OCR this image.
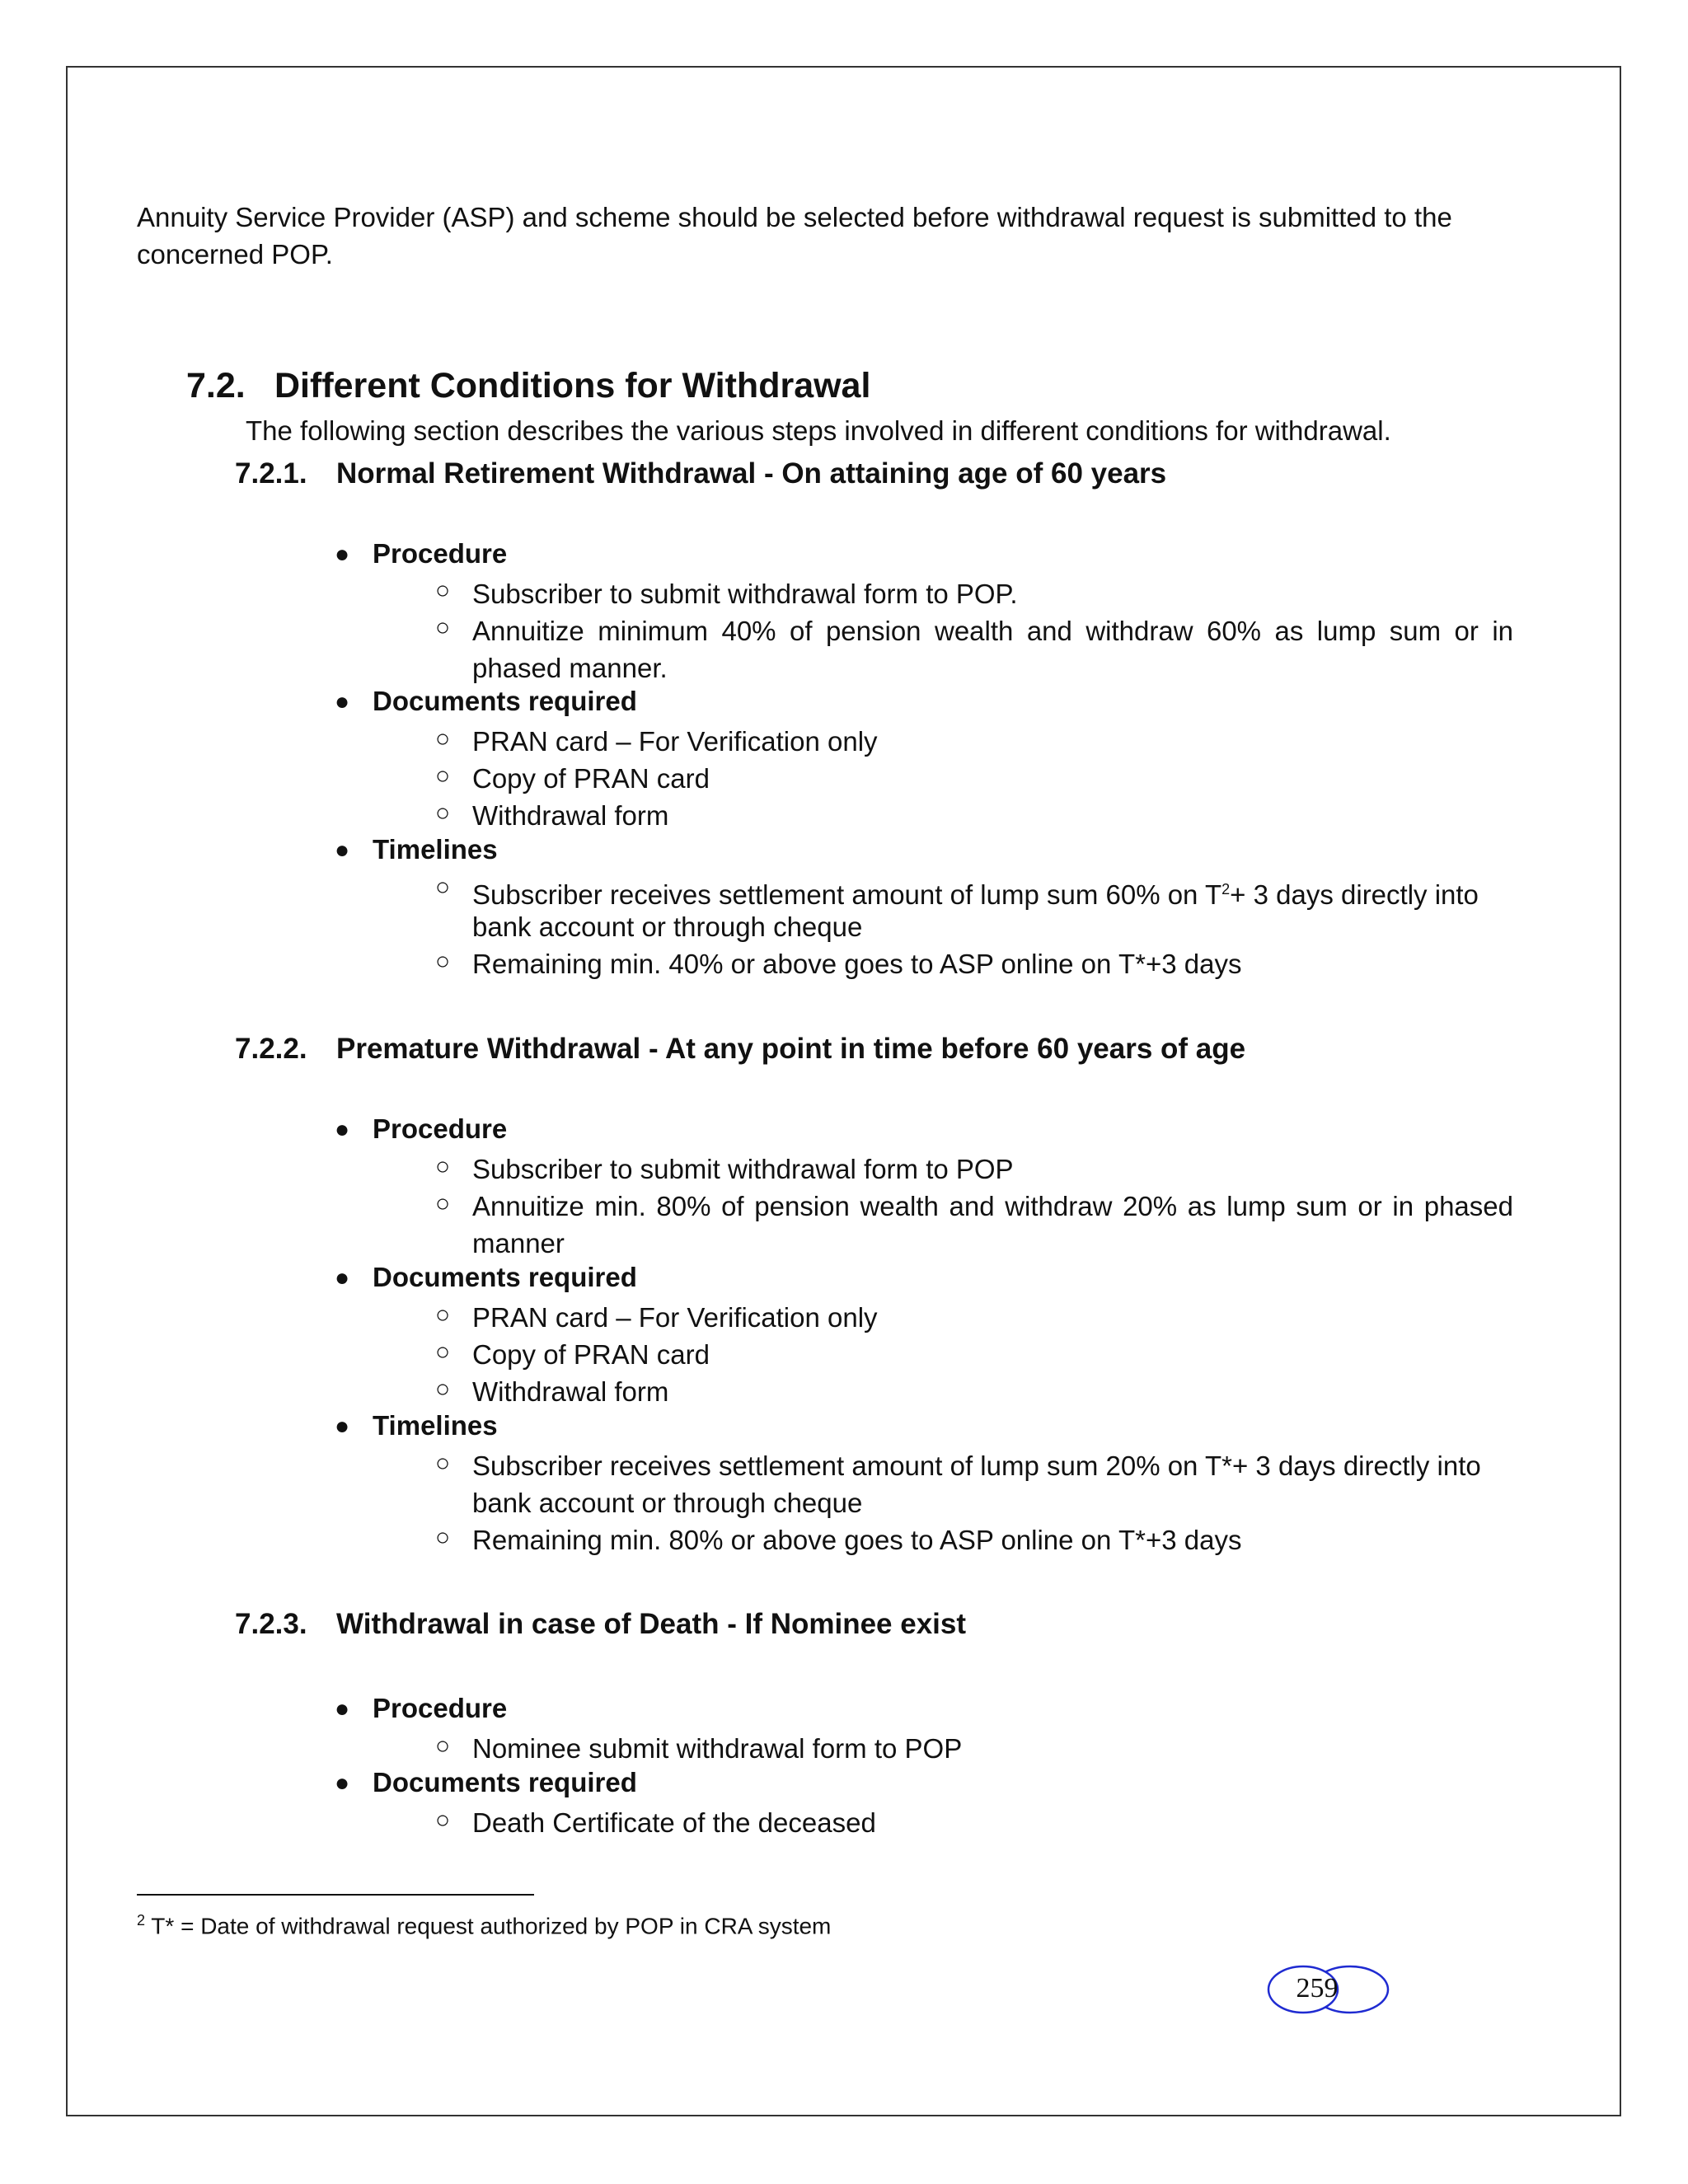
Annuity Service Provider (ASP) and scheme should be selected before withdrawal request is submitted to the
concerned POP.
7.2. Different Conditions for Withdrawal
The following section describes the various steps involved in different conditions for withdrawal.
7.2.1. Normal Retirement Withdrawal - On attaining age of 60 years
● Procedure
○ Subscriber to submit withdrawal form to POP.
○ Annuitize minimum 40% of pension wealth and withdraw 60% as lump sum or in phased manner.
● Documents required
○ PRAN card – For Verification only
○ Copy of PRAN card
○ Withdrawal form
● Timelines
○ Subscriber receives settlement amount of lump sum 60% on T$^2$+ 3 days directly into
bank account or through cheque
○ Remaining min. 40% or above goes to ASP online on T*+3 days
7.2.2. Premature Withdrawal - At any point in time before 60 years of age
● Procedure
○ Subscriber to submit withdrawal form to POP
○ Annuitize min. 80% of pension wealth and withdraw 20% as lump sum or in phased manner
● Documents required
○ PRAN card – For Verification only
○ Copy of PRAN card
○ Withdrawal form
● Timelines
○ Subscriber receives settlement amount of lump sum 20% on T*+ 3 days directly into
bank account or through cheque
○ Remaining min. 80% or above goes to ASP online on T*+3 days
7.2.3. Withdrawal in case of Death - If Nominee exist
● Procedure
○ Nominee submit withdrawal form to POP
● Documents required
○ Death Certificate of the deceased
$^2$ T* = Date of withdrawal request authorized by POP in CRA system
259
